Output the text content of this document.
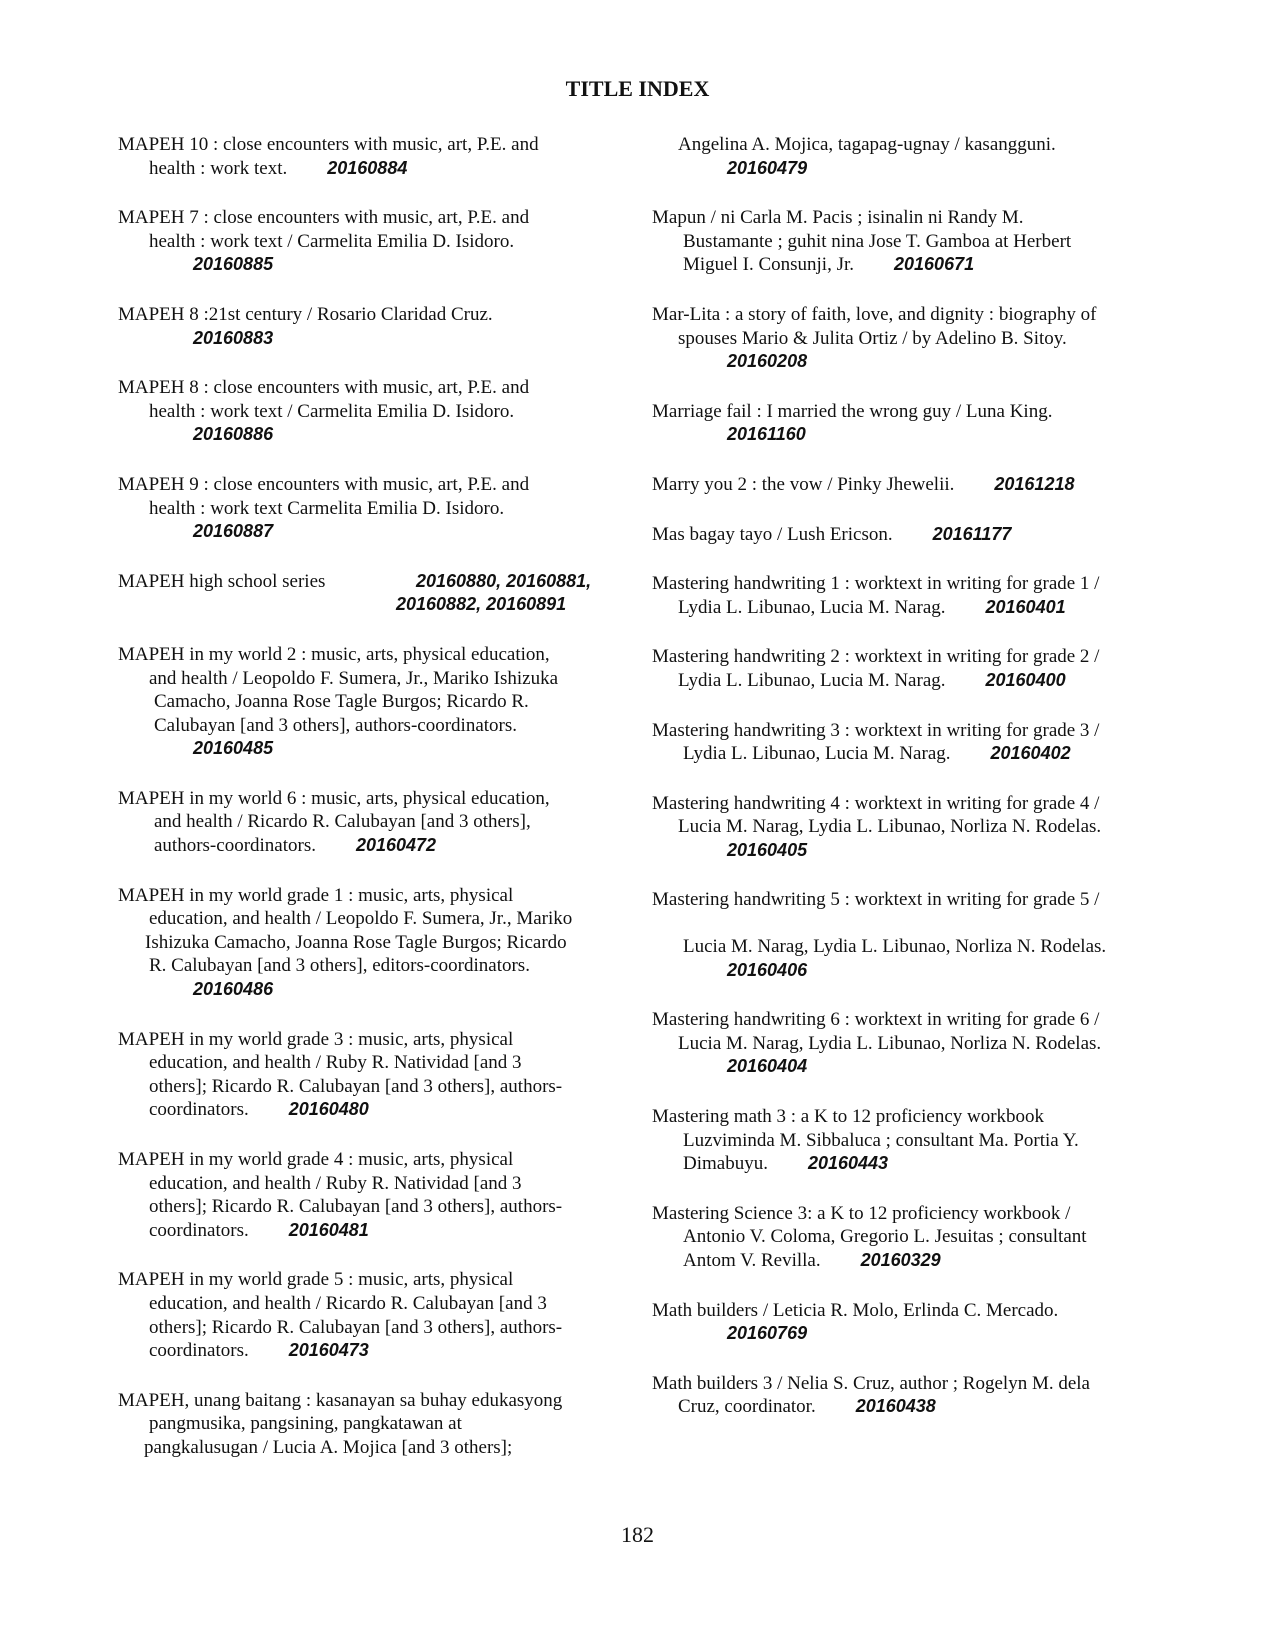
TITLE INDEX

MAPEH 10 : close encounters with music, art, P.E. and
health : work text. 20160884

MAPEH 7 : close encounters with music, art, P.E. and
health : work text / Carmelita Emilia D. Isidoro.
20160885

MAPEH 8 :21st century / Rosario Claridad Cruz.
20160883

MAPEH 8 : close encounters with music, art, P.E. and
health : work text / Carmelita Emilia D. Isidoro.
20160886

MAPEH 9 : close encounters with music, art, P.E. and
health : work text Carmelita Emilia D. Isidoro.
20160887

MAPEH high school series	20160880, 20160881,
20160882, 20160891

MAPEH in my world 2 : music, arts, physical education,
and health / Leopoldo F. Sumera, Jr., Mariko Ishizuka
Camacho, Joanna Rose Tagle Burgos; Ricardo R.
Calubayan [and 3 others], authors-coordinators.
20160485

MAPEH in my world 6 : music, arts, physical education,
and health / Ricardo R. Calubayan [and 3 others],
authors-coordinators. 20160472

MAPEH in my world grade 1 : music, arts, physical
education, and health / Leopoldo F. Sumera, Jr., Mariko
Ishizuka Camacho, Joanna Rose Tagle Burgos; Ricardo
R. Calubayan [and 3 others], editors-coordinators.
20160486

MAPEH in my world grade 3 : music, arts, physical
education, and health / Ruby R. Natividad [and 3
others]; Ricardo R. Calubayan [and 3 others], authors-
coordinators. 20160480

MAPEH in my world grade 4 : music, arts, physical
education, and health / Ruby R. Natividad [and 3
others]; Ricardo R. Calubayan [and 3 others], authors-
coordinators. 20160481

MAPEH in my world grade 5 : music, arts, physical
education, and health / Ricardo R. Calubayan [and 3
others]; Ricardo R. Calubayan [and 3 others], authors-
coordinators. 20160473

MAPEH, unang baitang : kasanayan sa buhay edukasyong
pangmusika, pangsining, pangkatawan at
pangkalusugan / Lucia A. Mojica [and 3 others];

Angelina A. Mojica, tagapag-ugnay / kasangguni.
20160479

Mapun / ni Carla M. Pacis ; isinalin ni Randy M.
Bustamante ; guhit nina Jose T. Gamboa at Herbert
Miguel I. Consunji, Jr. 20160671

Mar-Lita : a story of faith, love, and dignity : biography of
spouses Mario & Julita Ortiz / by Adelino B. Sitoy.
20160208

Marriage fail : I married the wrong guy / Luna King.
20161160

Marry you 2 : the vow / Pinky Jhewelii. 20161218

Mas bagay tayo / Lush Ericson. 20161177

Mastering handwriting 1 : worktext in writing for grade 1 /
Lydia L. Libunao, Lucia M. Narag. 20160401

Mastering handwriting 2 : worktext in writing for grade 2 /
Lydia L. Libunao, Lucia M. Narag. 20160400

Mastering handwriting 3 : worktext in writing for grade 3 /
Lydia L. Libunao, Lucia M. Narag. 20160402

Mastering handwriting 4 : worktext in writing for grade 4 /
Lucia M. Narag, Lydia L. Libunao, Norliza N. Rodelas.
20160405

Mastering handwriting 5 : worktext in writing for grade 5 /
Lucia M. Narag, Lydia L. Libunao, Norliza N. Rodelas.
20160406

Mastering handwriting 6 : worktext in writing for grade 6 /
Lucia M. Narag, Lydia L. Libunao, Norliza N. Rodelas.
20160404

Mastering math 3 : a K to 12 proficiency workbook
Luzviminda M. Sibbaluca ; consultant Ma. Portia Y.
Dimabuyu. 20160443

Mastering Science 3: a K to 12 proficiency workbook /
Antonio V. Coloma, Gregorio L. Jesuitas ; consultant
Antom V. Revilla. 20160329

Math builders / Leticia R. Molo, Erlinda C. Mercado.
20160769

Math builders 3 / Nelia S. Cruz, author ; Rogelyn M. dela
Cruz, coordinator. 20160438

182
